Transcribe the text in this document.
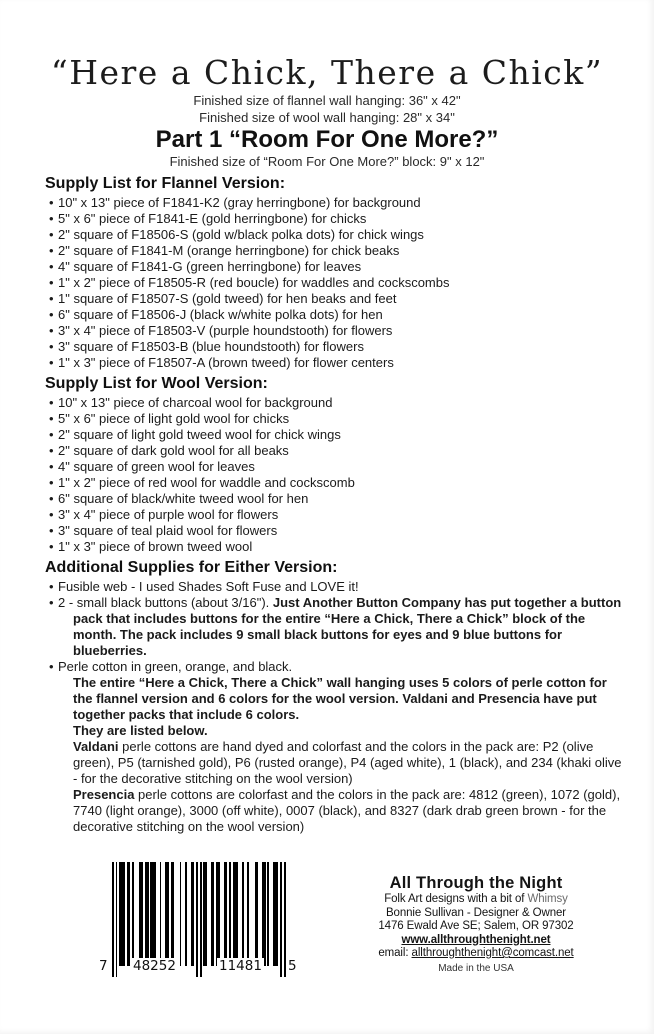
“Here a Chick, There a Chick”
Finished size of flannel wall hanging: 36" x 42"
Finished size of wool wall hanging: 28" x 34"
Part 1 “Room For One More?”
Finished size of “Room For One More?” block: 9" x 12"
Supply List for Flannel Version:
• 10" x 13" piece of F1841-K2 (gray herringbone) for background
• 5" x 6" piece of F1841-E (gold herringbone) for chicks
• 2" square of F18506-S (gold w/black polka dots) for chick wings
• 2" square of F1841-M (orange herringbone) for chick beaks
• 4" square of F1841-G (green herringbone) for leaves
• 1" x 2" piece of F18505-R (red boucle) for waddles and cockscombs
• 1" square of F18507-S (gold tweed) for hen beaks and feet
• 6" square of F18506-J (black w/white polka dots) for hen
• 3" x 4" piece of F18503-V (purple houndstooth) for flowers
• 3" square of F18503-B (blue houndstooth) for flowers
• 1" x 3" piece of F18507-A (brown tweed) for flower centers
Supply List for Wool Version:
• 10" x 13" piece of charcoal wool for background
• 5" x 6" piece of light gold wool for chicks
• 2" square of light gold tweed wool for chick wings
• 2" square of dark gold wool for all beaks
• 4" square of green wool for leaves
• 1" x 2" piece of red wool for waddle and cockscomb
• 6" square of black/white tweed wool for hen
• 3" x 4" piece of purple wool for flowers
• 3" square of teal plaid wool for flowers
• 1" x 3" piece of brown tweed wool
Additional Supplies for Either Version:
• Fusible web - I used Shades Soft Fuse and LOVE it!
• 2 - small black buttons (about 3/16"). Just Another Button Company has put together a button pack that includes buttons for the entire “Here a Chick, There a Chick” block of the month. The pack includes 9 small black buttons for eyes and 9 blue buttons for blueberries.
• Perle cotton in green, orange, and black.
The entire “Here a Chick, There a Chick” wall hanging uses 5 colors of perle cotton for the flannel version and 6 colors for the wool version. Valdani and Presencia have put together packs that include 6 colors.
They are listed below.
Valdani perle cottons are hand dyed and colorfast and the colors in the pack are: P2 (olive green), P5 (tarnished gold), P6 (rusted orange), P4 (aged white), 1 (black), and 234 (khaki olive - for the decorative stitching on the wool version)
Presencia perle cottons are colorfast and the colors in the pack are: 4812 (green), 1072 (gold), 7740 (light orange), 3000 (off white), 0007 (black), and 8327 (dark drab green brown - for the decorative stitching on the wool version)
7 48252	11481 5
All Through the Night
Folk Art designs with a bit of Whimsy
Bonnie Sullivan - Designer & Owner
1476 Ewald Ave SE; Salem, OR 97302
www.allthroughthenight.net
email: allthroughthenight@comcast.net
Made in the USA
